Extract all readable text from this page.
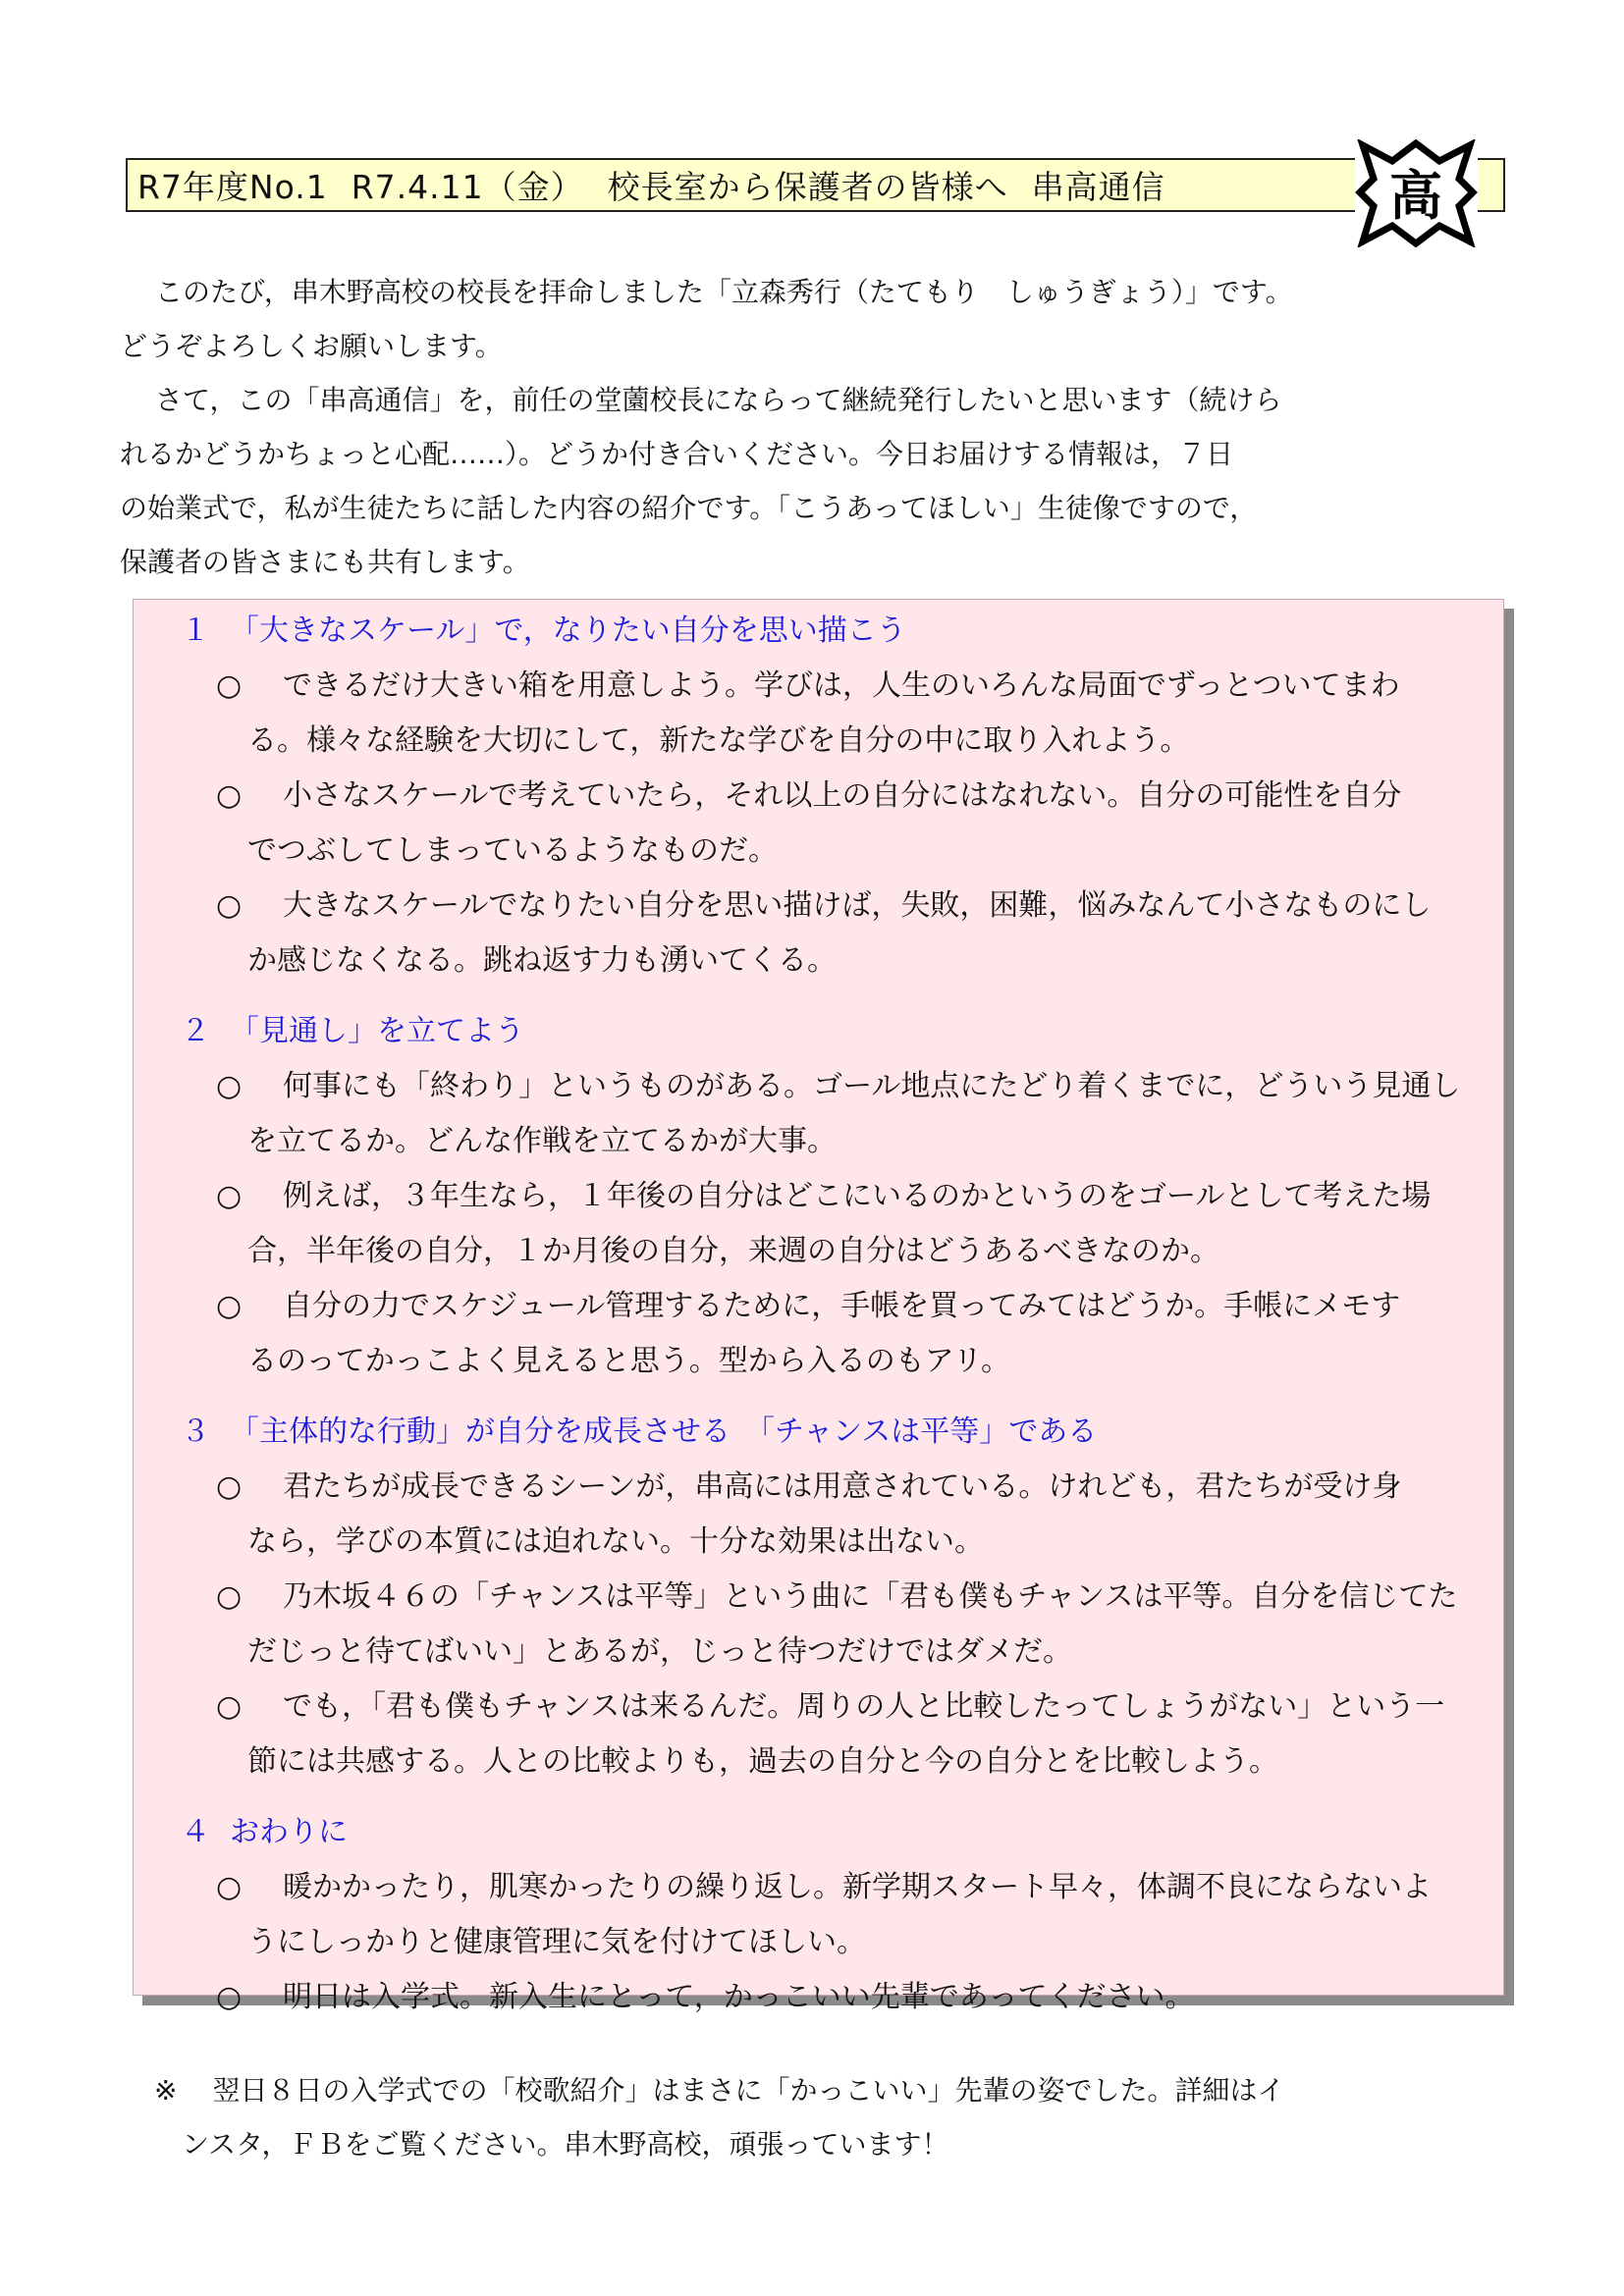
R7年度No.1 R7.4.11（金） 校長室から保護者の皆様へ 串高通信	高

このたび，串木野高校の校長を拝命しました「立森秀行（たてもり　しゅうぎょう）」です。

どうぞよろしくお願いします。

さて，この「串高通信」を，前任の堂薗校長にならって継続発行したいと思います（続けら

れるかどうかちょっと心配……）。どうか付き合いください。今日お届けする情報は，７日

の始業式で，私が生徒たちに話した内容の紹介です。「こうあってほしい」生徒像ですので，

保護者の皆さまにも共有します。

１ 「大きなスケール」で，なりたい自分を思い描こう
○ できるだけ大きい箱を用意しよう。学びは，人生のいろんな局面でずっとついてまわ
る。様々な経験を大切にして，新たな学びを自分の中に取り入れよう。
○ 小さなスケールで考えていたら，それ以上の自分にはなれない。自分の可能性を自分
でつぶしてしまっているようなものだ。
○ 大きなスケールでなりたい自分を思い描けば，失敗，困難，悩みなんて小さなものにし
か感じなくなる。跳ね返す力も湧いてくる。
２ 「見通し」を立てよう
○ 何事にも「終わり」というものがある。ゴール地点にたどり着くまでに，どういう見通し
を立てるか。どんな作戦を立てるかが大事。
○ 例えば，３年生なら，１年後の自分はどこにいるのかというのをゴールとして考えた場
合，半年後の自分，１か月後の自分，来週の自分はどうあるべきなのか。
○ 自分の力でスケジュール管理するために，手帳を買ってみてはどうか。手帳にメモす
るのってかっこよく見えると思う。型から入るのもアリ。
３ 「主体的な行動」が自分を成長させる　「チャンスは平等」である
○ 君たちが成長できるシーンが，串高には用意されている。けれども，君たちが受け身
なら，学びの本質には迫れない。十分な効果は出ない。
○ 乃木坂４６の「チャンスは平等」という曲に「君も僕もチャンスは平等。自分を信じてた
だじっと待てばいい」とあるが，じっと待つだけではダメだ。
○ でも，「君も僕もチャンスは来るんだ。周りの人と比較したってしょうがない」という一
節には共感する。人との比較よりも，過去の自分と今の自分とを比較しよう。
４ おわりに
○ 暖かかったり，肌寒かったりの繰り返し。新学期スタート早々，体調不良にならないよ
うにしっかりと健康管理に気を付けてほしい。
○ 明日は入学式。新入生にとって，かっこいい先輩であってください。

※ 翌日８日の入学式での「校歌紹介」はまさに「かっこいい」先輩の姿でした。詳細はイ

ンスタ，ＦＢをご覧ください。串木野高校，頑張っています！
